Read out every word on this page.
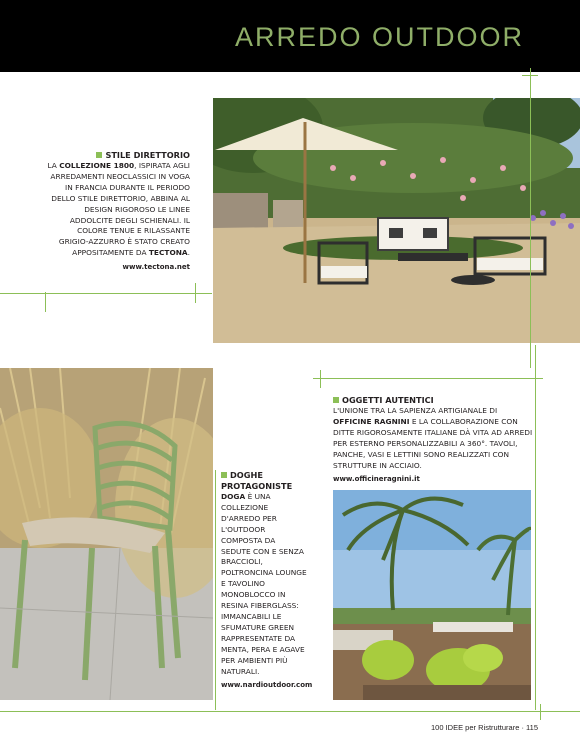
ARREDO OUTDOOR
STILE DIRETTORIO
LA COLLEZIONE 1800, ISPIRATA AGLI ARREDAMENTI NEOCLASSICI IN VOGA IN FRANCIA DURANTE IL PERIODO DELLO STILE DIRETTORIO, ABBINA AL DESIGN RIGOROSO LE LINEE ADDOLCITE DEGLI SCHIENALI. IL COLORE TENUE E RILASSANTE GRIGIO-AZZURRO È STATO CREATO APPOSITAMENTE DA TECTONA.
www.tectona.net
OGGETTI AUTENTICI
L'UNIONE TRA LA SAPIENZA ARTIGIANALE DI OFFICINE RAGNINI E LA COLLABORAZIONE CON DITTE RIGOROSAMENTE ITALIANE DÀ VITA AD ARREDI PER ESTERNO PERSONALIZZABILI A 360°. TAVOLI, PANCHE, VASI E LETTINI SONO REALIZZATI CON STRUTTURE IN ACCIAIO.
www.officineragnini.it
DOGHE PROTAGONISTE
DOGA È UNA COLLEZIONE D'ARREDO PER L'OUTDOOR COMPOSTA DA SEDUTE CON E SENZA BRACCIOLI, POLTRONCINA LOUNGE E TAVOLINO MONOBLOCCO IN RESINA FIBERGLASS: IMMANCABILI LE SFUMATURE GREEN RAPPRESENTATE DA MENTA, PERA E AGAVE PER AMBIENTI PIÙ NATURALI.
www.nardioutdoor.com
100 IDEE per Ristrutturare · 115
